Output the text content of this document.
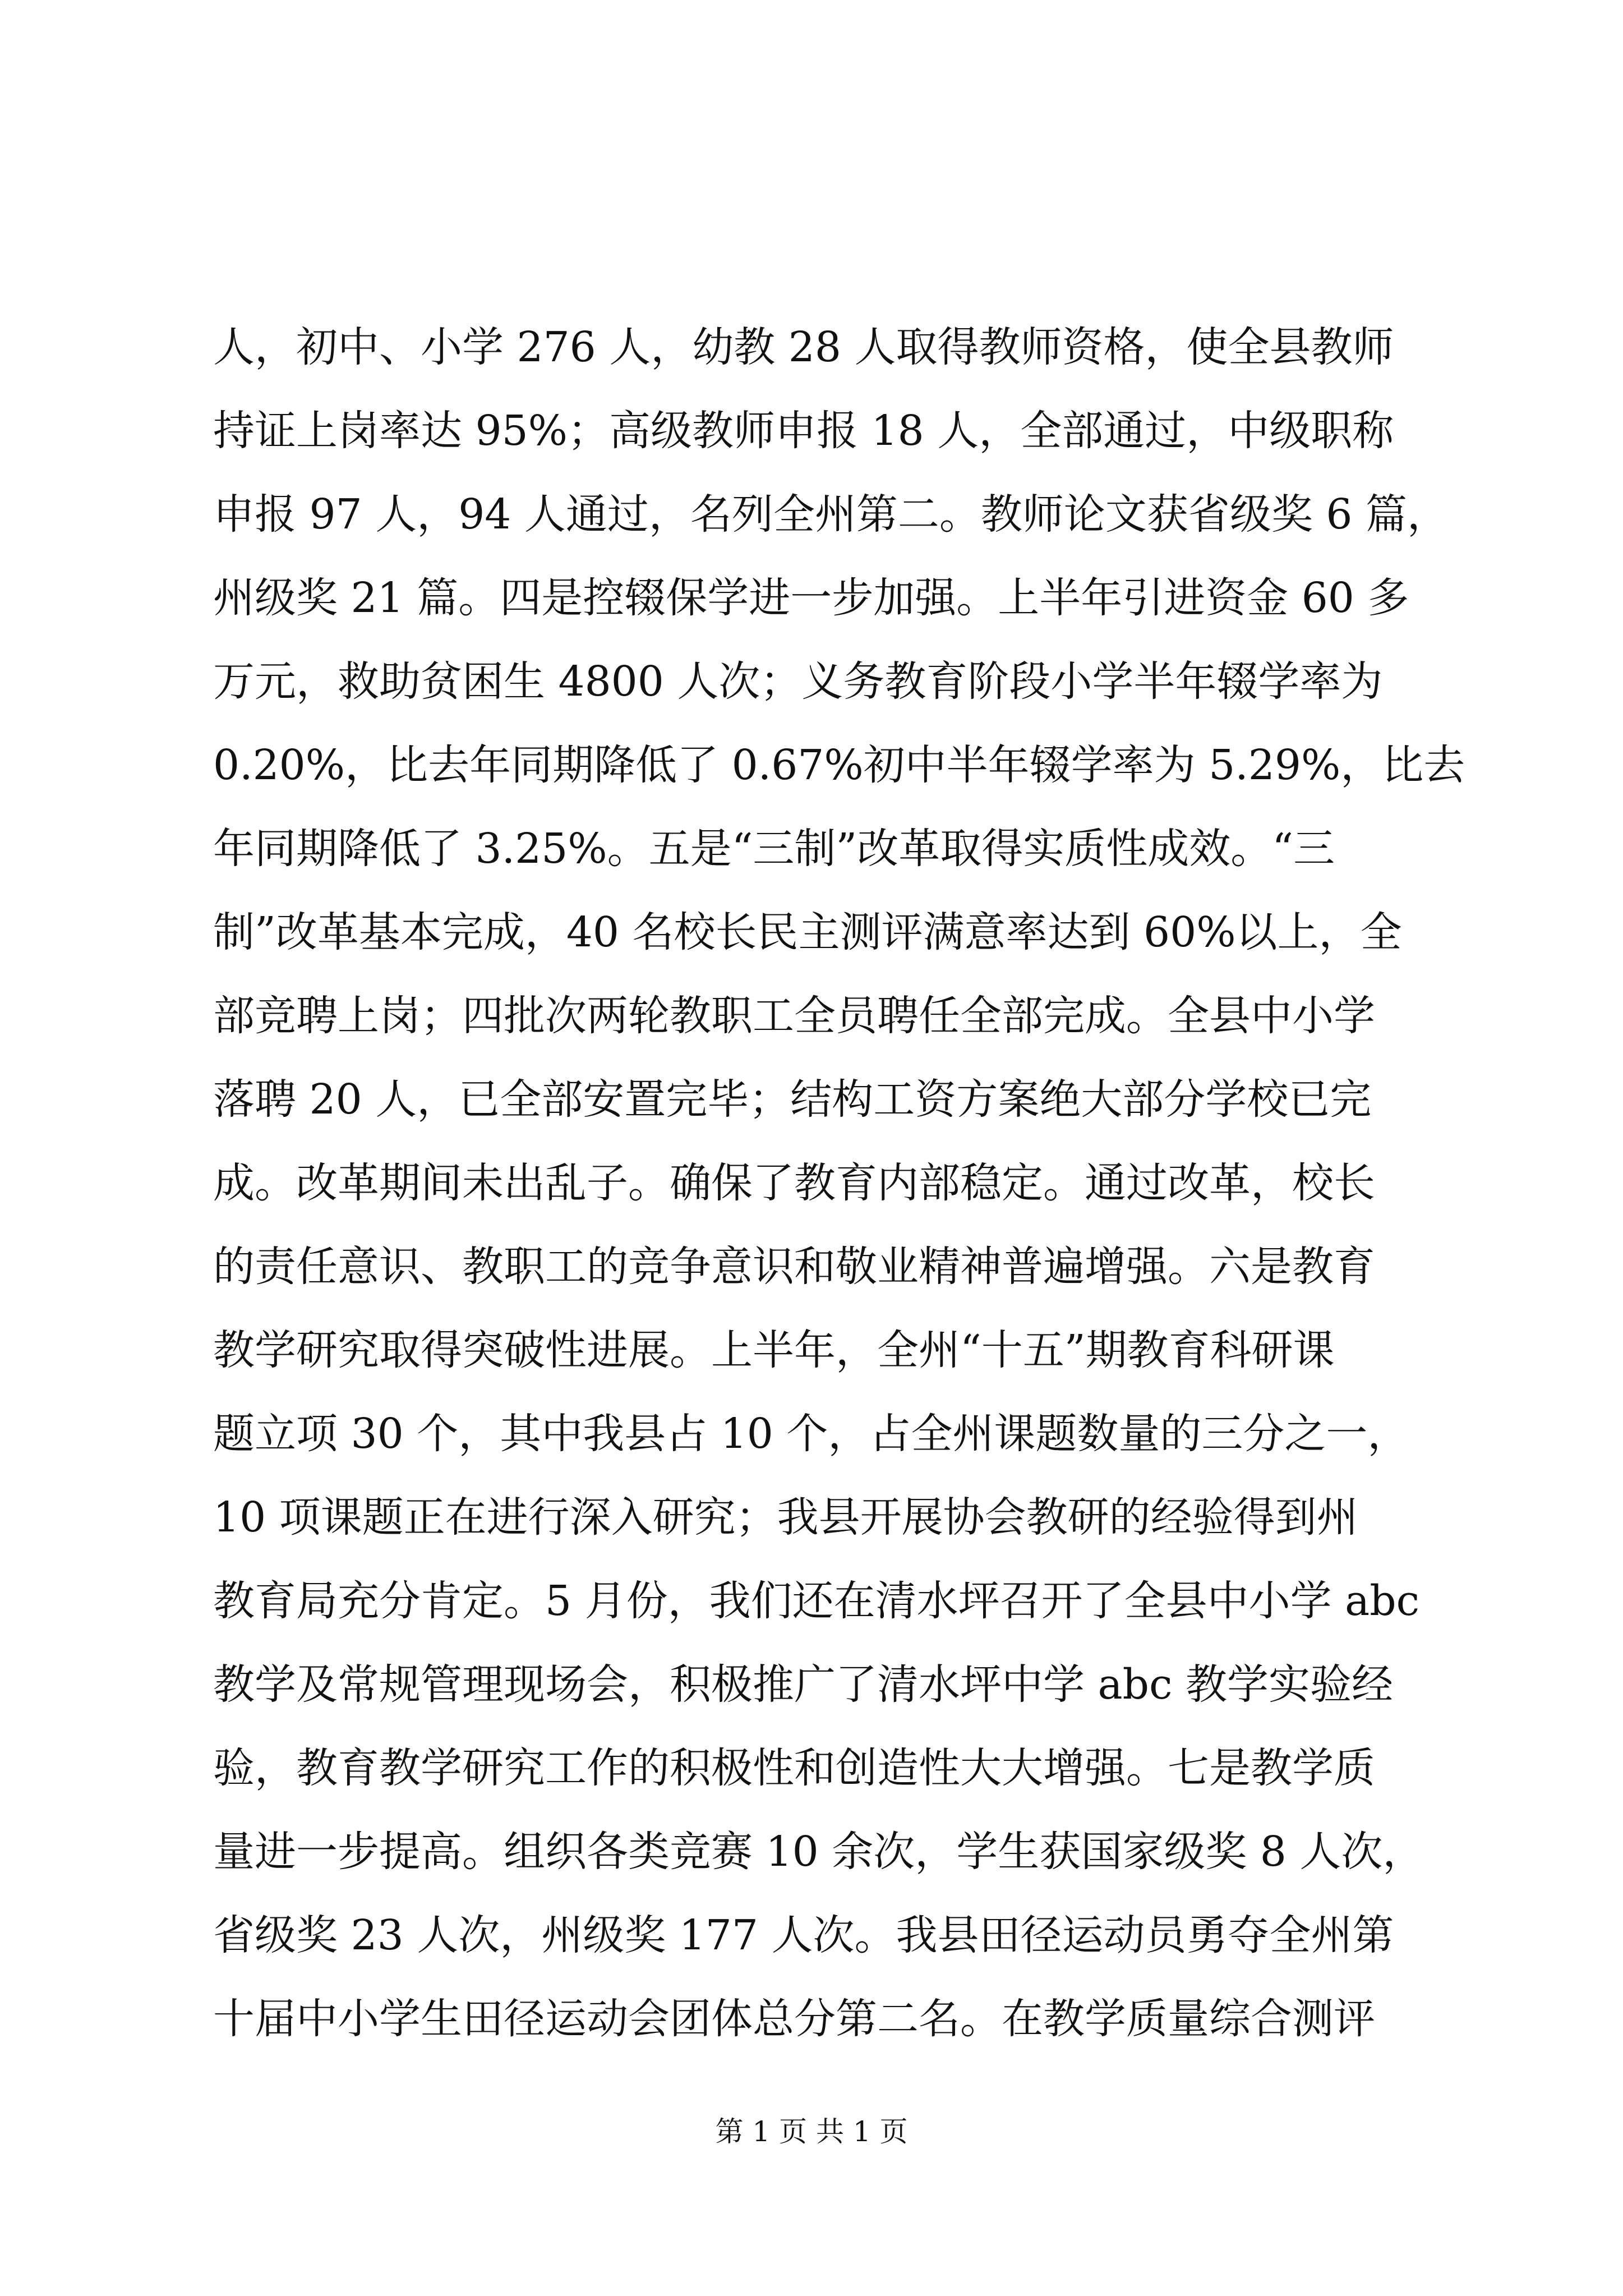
人，初中、小学 276 人，幼教 28 人取得教师资格，使全县教师
持证上岗率达 95%；高级教师申报 18 人，全部通过，中级职称
申报 97 人，94 人通过，名列全州第二。教师论文获省级奖 6 篇，
州级奖 21 篇。四是控辍保学进一步加强。上半年引进资金 60 多
万元，救助贫困生 4800 人次；义务教育阶段小学半年辍学率为
0.20%，比去年同期降低了 0.67%初中半年辍学率为 5.29%，比去
年同期降低了 3.25%。五是“三制”改革取得实质性成效。“三
制”改革基本完成，40 名校长民主测评满意率达到 60%以上，全
部竞聘上岗；四批次两轮教职工全员聘任全部完成。全县中小学
落聘 20 人，已全部安置完毕；结构工资方案绝大部分学校已完
成。改革期间未出乱子。确保了教育内部稳定。通过改革，校长
的责任意识、教职工的竞争意识和敬业精神普遍增强。六是教育
教学研究取得突破性进展。上半年，全州“十五”期教育科研课
题立项 30 个，其中我县占 10 个，占全州课题数量的三分之一，
10 项课题正在进行深入研究；我县开展协会教研的经验得到州
教育局充分肯定。5 月份，我们还在清水坪召开了全县中小学 abc
教学及常规管理现场会，积极推广了清水坪中学 abc 教学实验经
验，教育教学研究工作的积极性和创造性大大增强。七是教学质
量进一步提高。组织各类竞赛 10 余次，学生获国家级奖 8 人次，
省级奖 23 人次，州级奖 177 人次。我县田径运动员勇夺全州第
十届中小学生田径运动会团体总分第二名。在教学质量综合测评
第 1 页 共 1 页
